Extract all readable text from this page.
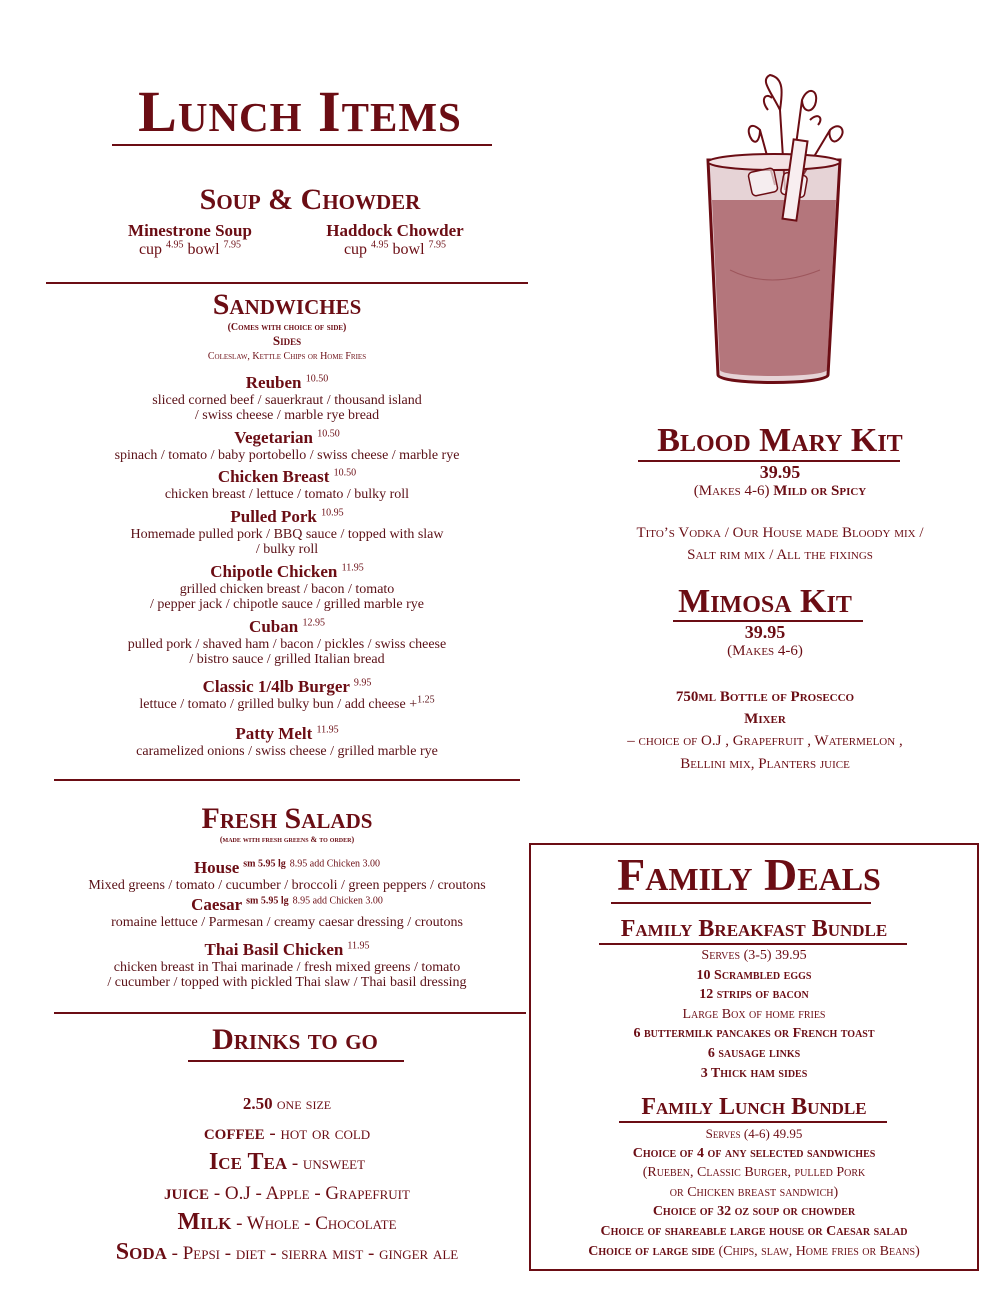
Lunch Items
Soup & Chowder
Minestrone Soup
cup $^{4.95}$ bowl $^{7.95}$
Haddock Chowder
cup $^{4.95}$ bowl $^{7.95}$
Sandwiches
(Comes with choice of side)
Sides
Coleslaw, Kettle Chips or Home Fries
Reuben $^{10.50}$
sliced corned beef / sauerkraut / thousand island
/ swiss cheese / marble rye bread
Vegetarian $^{10.50}$
spinach / tomato / baby portobello / swiss cheese / marble rye
Chicken Breast $^{10.50}$
chicken breast / lettuce / tomato / bulky roll
Pulled Pork $^{10.95}$
Homemade pulled pork / BBQ sauce / topped with slaw
/ bulky roll
Chipotle Chicken $^{11.95}$
grilled chicken breast / bacon / tomato
/ pepper jack / chipotle sauce / grilled marble rye
Cuban $^{12.95}$
pulled pork / shaved ham / bacon / pickles / swiss cheese
/ bistro sauce / grilled Italian bread
Classic 1/4lb Burger $^{9.95}$
lettuce / tomato / grilled bulky bun / add cheese +$^{1.25}$
Patty Melt $^{11.95}$
caramelized onions / swiss cheese / grilled marble rye
Fresh Salads
(made with fresh greens & to order)
House $^{sm 5.95 lg}$ $^{8.95 add Chicken 3.00}$
Mixed greens / tomato / cucumber / broccoli / green peppers / croutons
Caesar $^{sm 5.95 lg}$ $^{8.95 add Chicken 3.00}$
romaine lettuce / Parmesan / creamy caesar dressing / croutons
Thai Basil Chicken $^{11.95}$
chicken breast in Thai marinade / fresh mixed greens / tomato
/ cucumber / topped with pickled Thai slaw / Thai basil dressing
Drinks to go
2.50 one size
coffee - hot or cold
Ice Tea - unsweet
juice - O.J - Apple - Grapefruit
Milk - Whole - Chocolate
Soda - Pepsi - diet - sierra mist - ginger ale
Blood Mary Kit
39.95
(Makes 4-6) Mild or Spicy
Tito’s Vodka / Our House made Bloody mix /
Salt rim mix / All the fixings
Mimosa Kit
39.95
(Makes 4-6)
750ml Bottle of Prosecco
Mixer
– choice of O.J , Grapefruit , Watermelon ,
Bellini mix, Planters juice
Family Deals
Family Breakfast Bundle
Serves (3-5) 39.95
10 Scrambled eggs
12 strips of bacon
Large Box of home fries
6 buttermilk pancakes or French toast
6 sausage links
3 Thick ham sides
Family Lunch Bundle
Serves (4-6) 49.95
Choice of 4 of any selected sandwiches
(Rueben, Classic Burger, pulled Pork
or Chicken breast sandwich)
Choice of 32 oz soup or chowder
Choice of shareable large house or Caesar salad
Choice of large side (Chips, slaw, Home fries or Beans)
